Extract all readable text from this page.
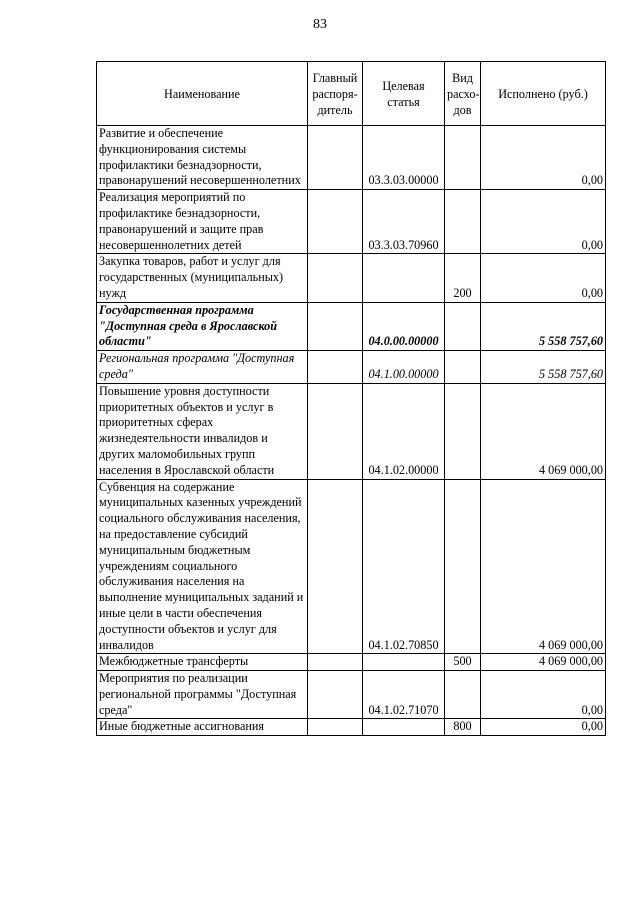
83
Наименование	Главный распоря-дитель	Целевая статья	Вид расхо-дов	Исполнено (руб.)
Развитие и обеспечение функционирования системы профилактики безнадзорности, правонарушений несовершеннолетних		03.3.03.00000		0,00
Реализация мероприятий по профилактике безнадзорности, правонарушений и защите прав несовершеннолетних детей		03.3.03.70960		0,00
Закупка товаров, работ и услуг для государственных (муниципальных) нужд			200	0,00
Государственная программа "Доступная среда в Ярославской области"		04.0.00.00000		5 558 757,60
Региональная программа "Доступная среда"		04.1.00.00000		5 558 757,60
Повышение уровня доступности приоритетных объектов и услуг в приоритетных сферах жизнедеятельности инвалидов и других маломобильных групп населения в Ярославской области		04.1.02.00000		4 069 000,00
Субвенция на содержание муниципальных казенных учреждений социального обслуживания населения, на предоставление субсидий муниципальным бюджетным учреждениям социального обслуживания населения на выполнение муниципальных заданий и иные цели в части обеспечения доступности объектов и услуг для инвалидов		04.1.02.70850		4 069 000,00
Межбюджетные трансферты			500	4 069 000,00
Мероприятия по реализации региональной программы "Доступная среда"		04.1.02.71070		0,00
Иные бюджетные ассигнования			800	0,00
